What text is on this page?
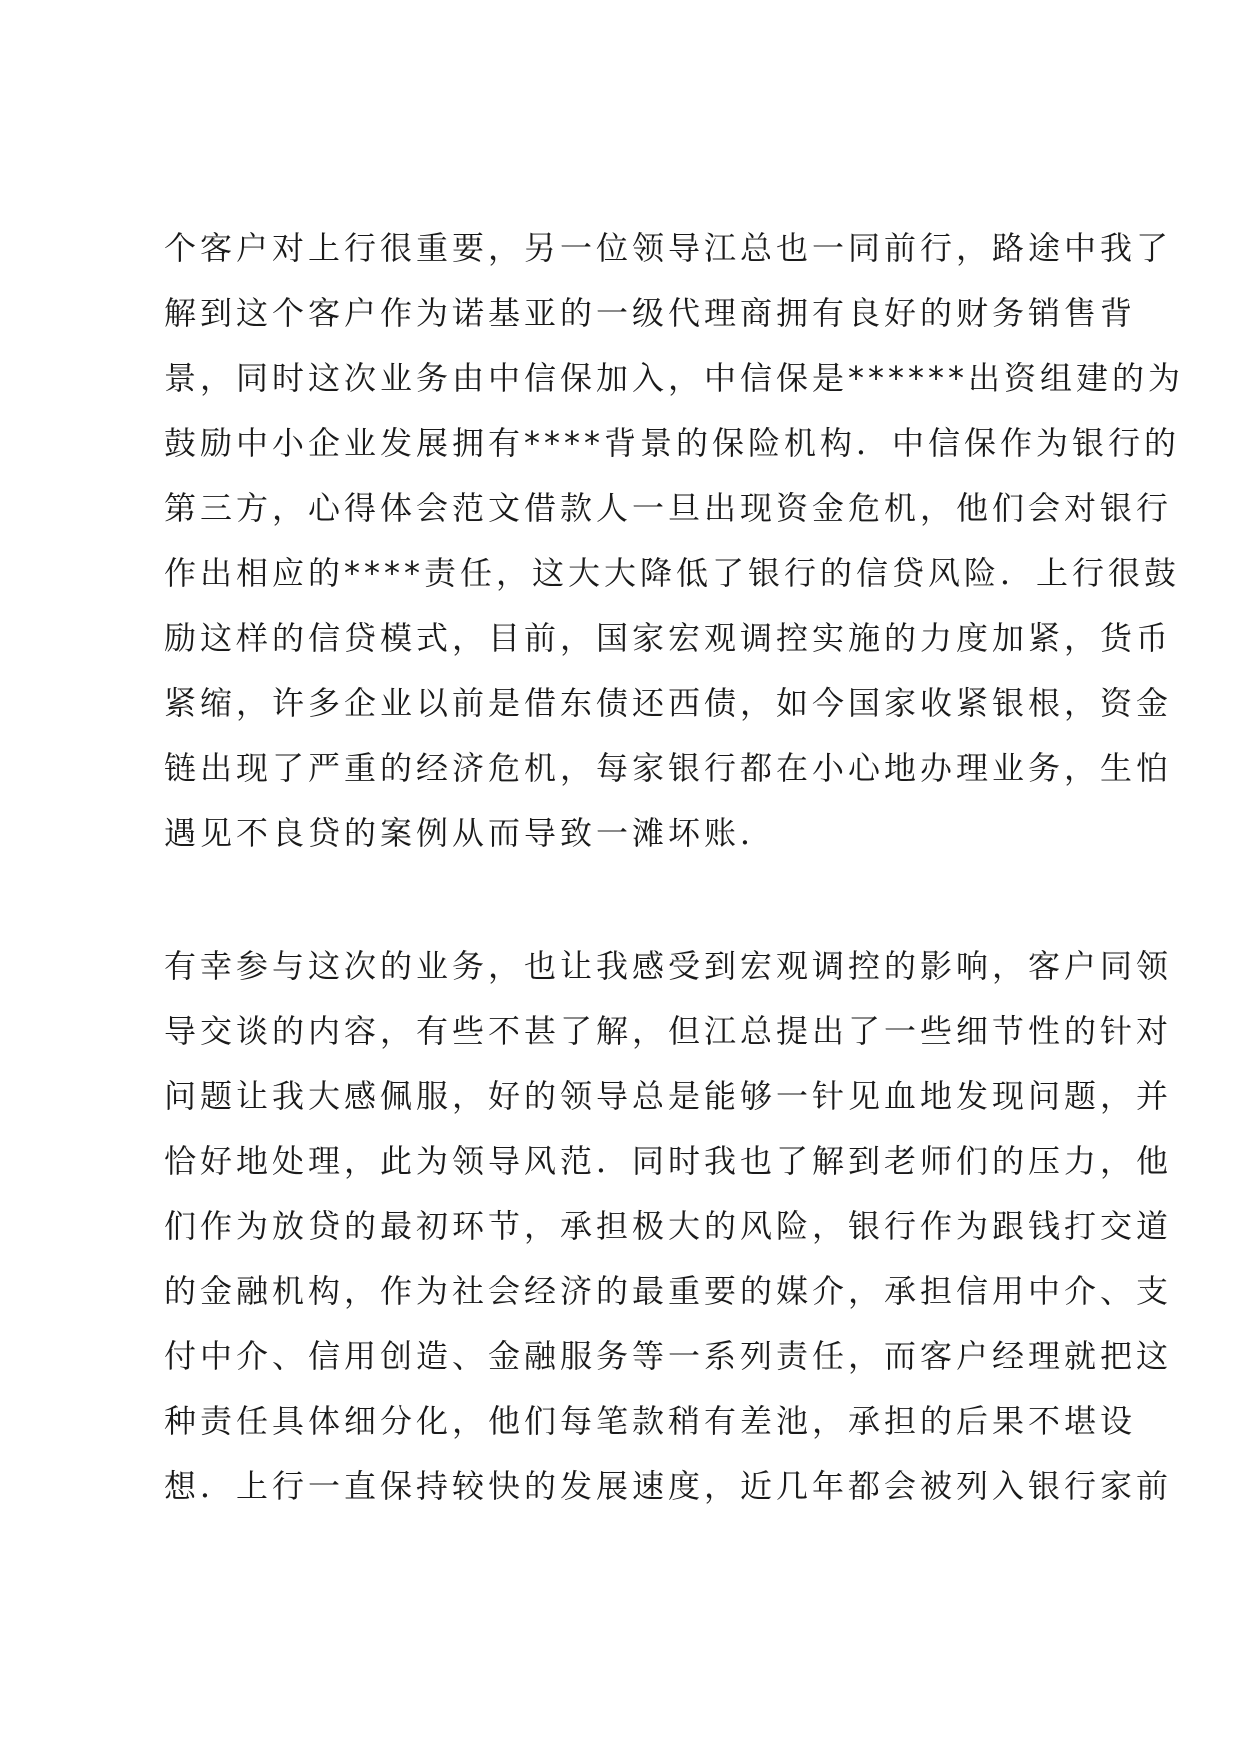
个客户对上行很重要，另一位领导江总也一同前行，路途中我了
解到这个客户作为诺基亚的一级代理商拥有良好的财务销售背
景，同时这次业务由中信保加入，中信保是******出资组建的为
鼓励中小企业发展拥有****背景的保险机构．中信保作为银行的
第三方，心得体会范文借款人一旦出现资金危机，他们会对银行
作出相应的****责任，这大大降低了银行的信贷风险．上行很鼓
励这样的信贷模式，目前，国家宏观调控实施的力度加紧，货币
紧缩，许多企业以前是借东债还西债，如今国家收紧银根，资金
链出现了严重的经济危机，每家银行都在小心地办理业务，生怕
遇见不良贷的案例从而导致一滩坏账．
有幸参与这次的业务，也让我感受到宏观调控的影响，客户同领
导交谈的内容，有些不甚了解，但江总提出了一些细节性的针对
问题让我大感佩服，好的领导总是能够一针见血地发现问题，并
恰好地处理，此为领导风范．同时我也了解到老师们的压力，他
们作为放贷的最初环节，承担极大的风险，银行作为跟钱打交道
的金融机构，作为社会经济的最重要的媒介，承担信用中介、支
付中介、信用创造、金融服务等一系列责任，而客户经理就把这
种责任具体细分化，他们每笔款稍有差池，承担的后果不堪设
想．上行一直保持较快的发展速度，近几年都会被列入银行家前
